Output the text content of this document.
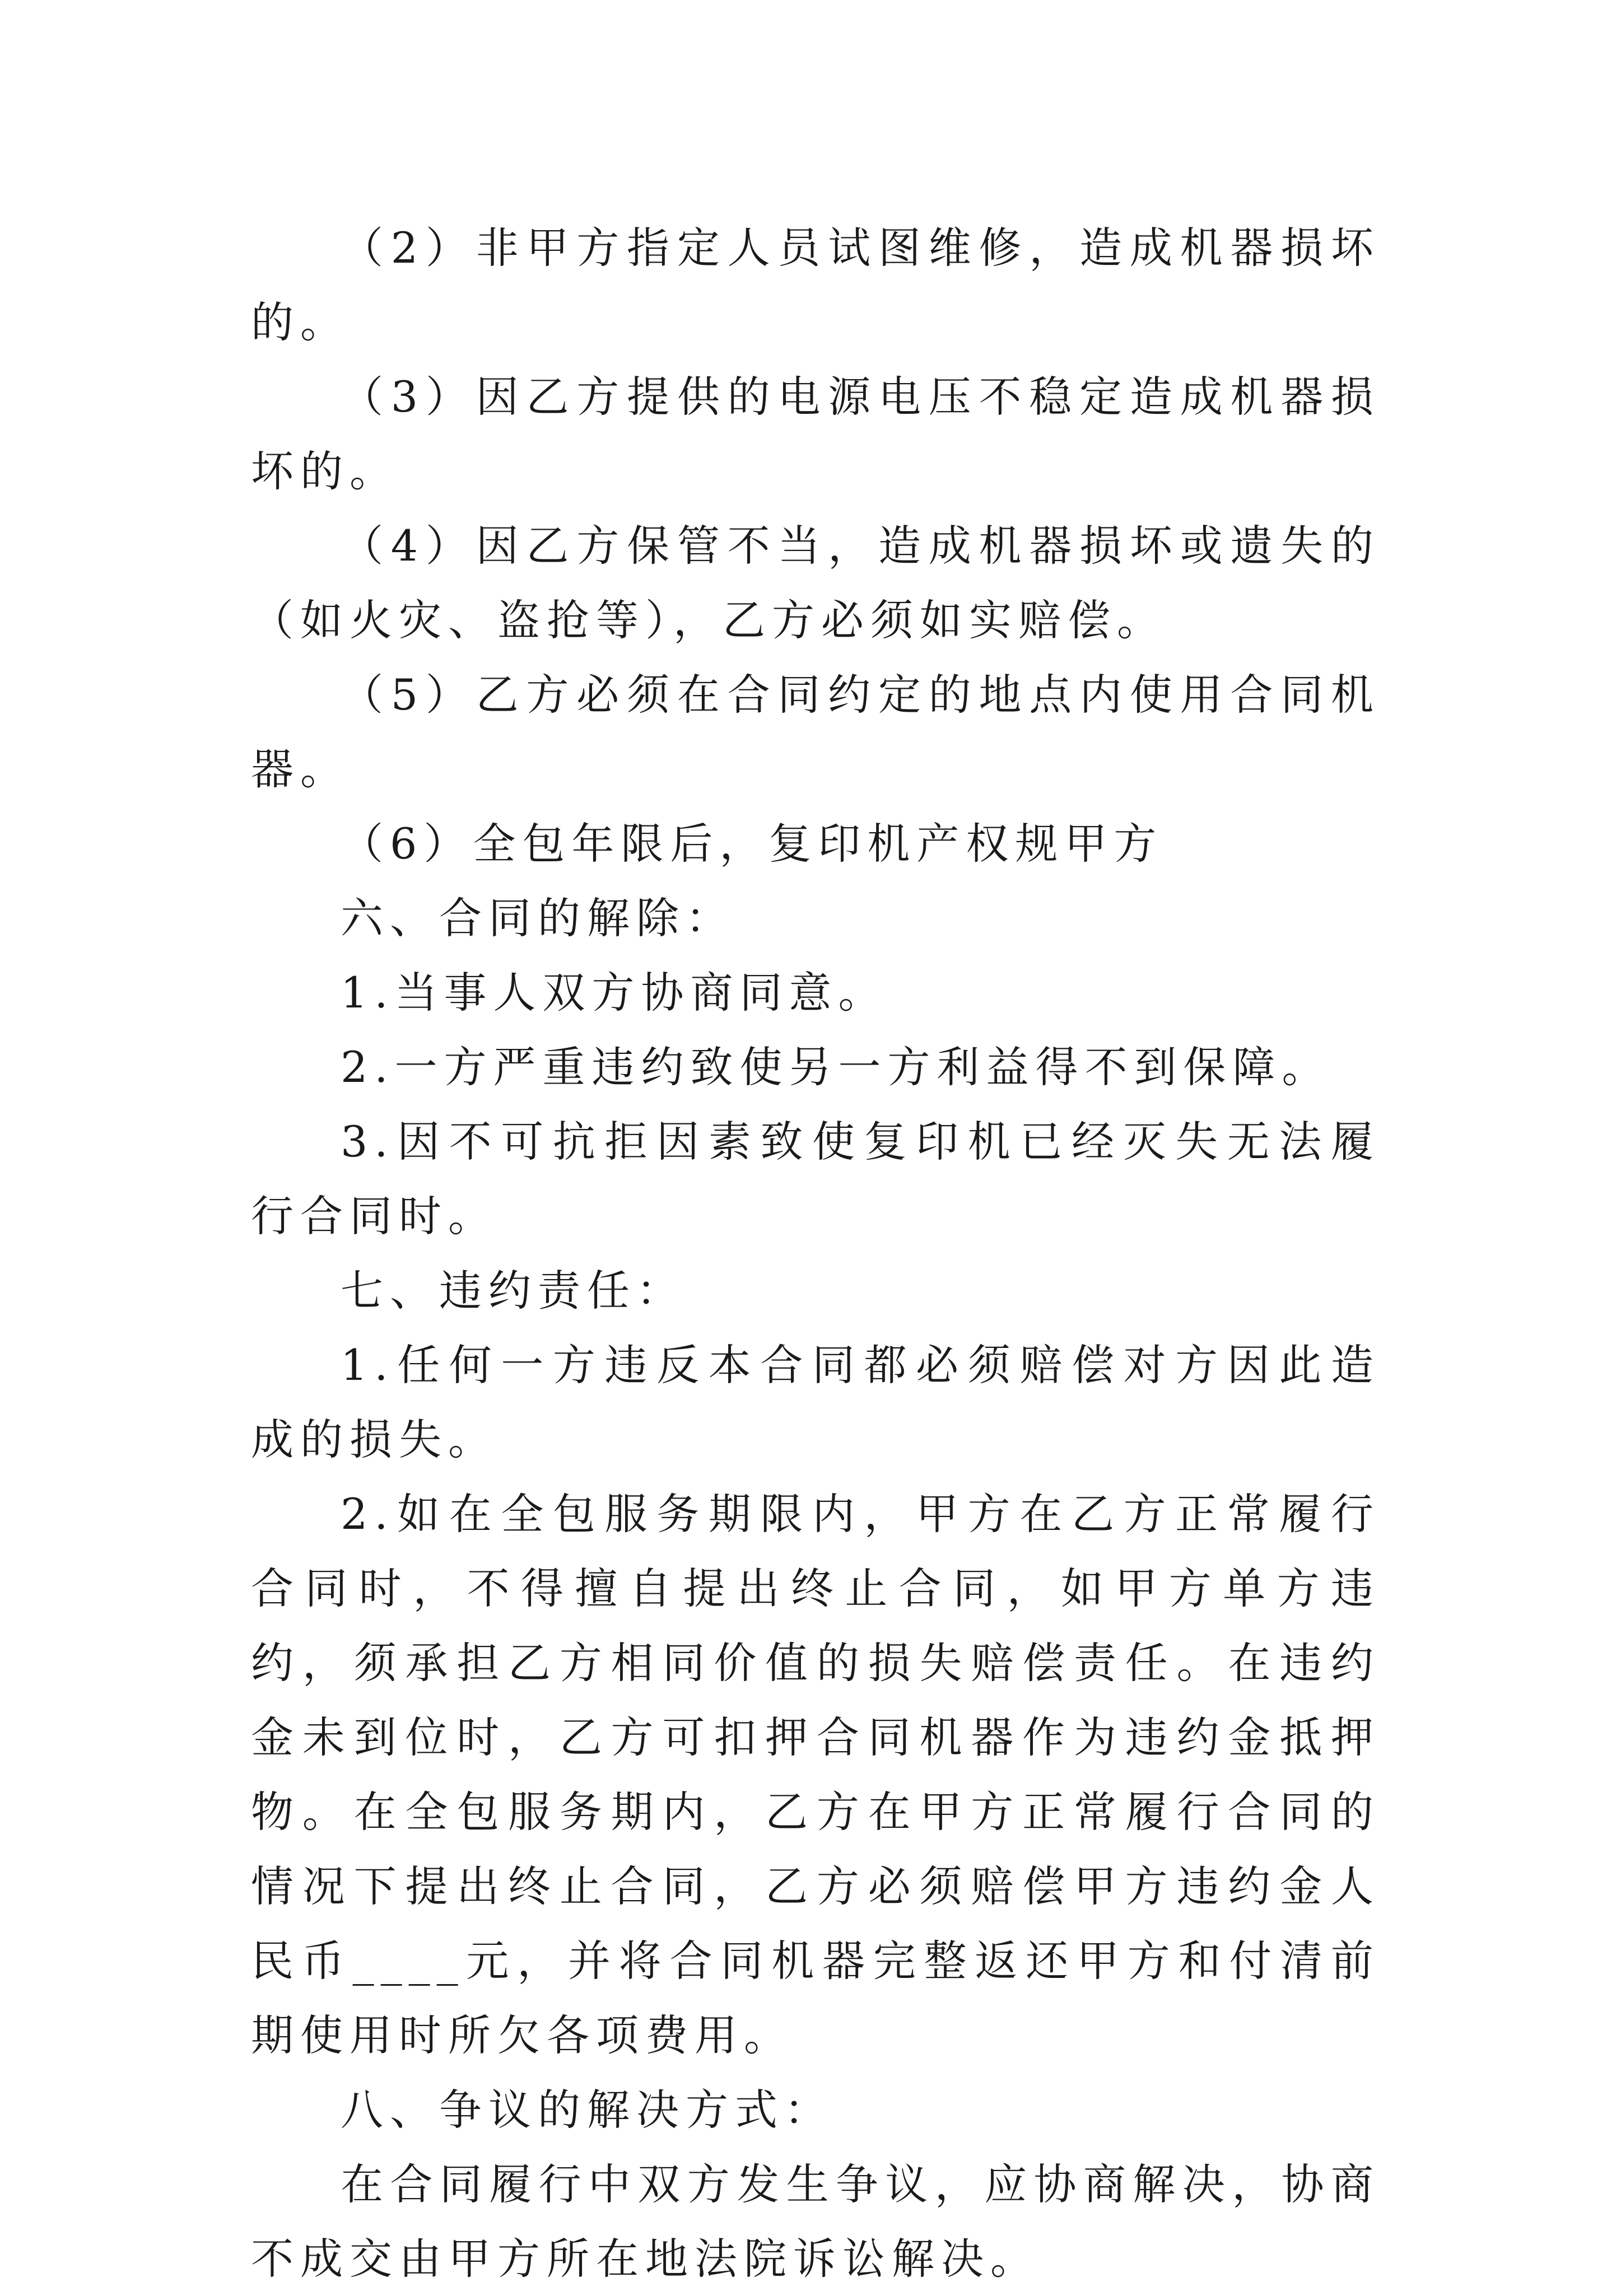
（2）非甲方指定人员试图维修，造成机器损坏的。

（3）因乙方提供的电源电压不稳定造成机器损坏的。

（4）因乙方保管不当，造成机器损坏或遗失的（如火灾、盗抢等），乙方必须如实赔偿。

（5）乙方必须在合同约定的地点内使用合同机器。

（6）全包年限后，复印机产权规甲方

六、合同的解除：

1.当事人双方协商同意。

2.一方严重违约致使另一方利益得不到保障。

3.因不可抗拒因素致使复印机已经灭失无法履行合同时。

七、违约责任：

1.任何一方违反本合同都必须赔偿对方因此造成的损失。

2.如在全包服务期限内，甲方在乙方正常履行合同时，不得擅自提出终止合同，如甲方单方违约，须承担乙方相同价值的损失赔偿责任。在违约金未到位时，乙方可扣押合同机器作为违约金抵押物。在全包服务期内，乙方在甲方正常履行合同的情况下提出终止合同，乙方必须赔偿甲方违约金人民币____元，并将合同机器完整返还甲方和付清前期使用时所欠各项费用。

八、争议的解决方式：

在合同履行中双方发生争议，应协商解决，协商不成交由甲方所在地法院诉讼解决。
